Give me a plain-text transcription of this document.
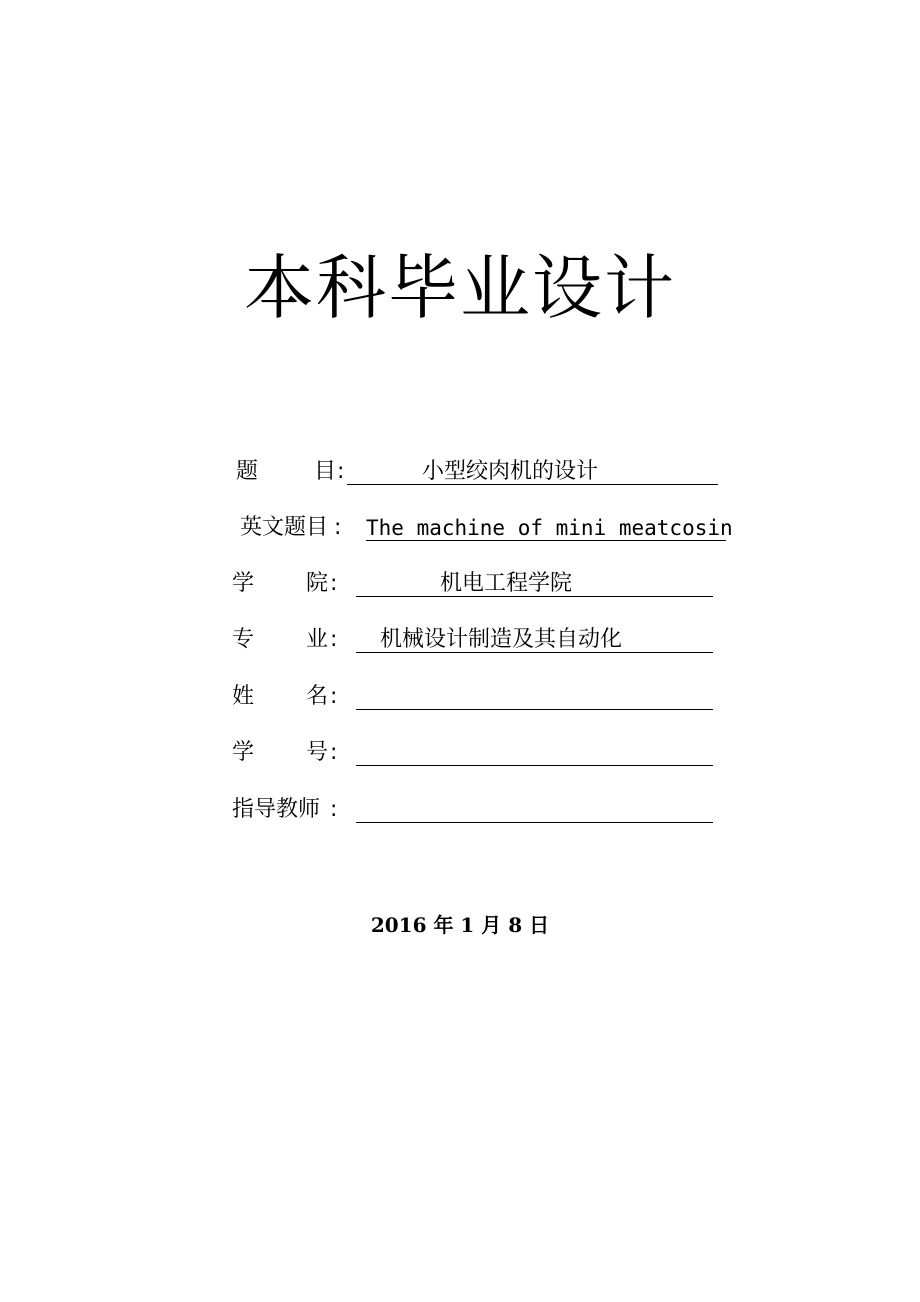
本科毕业设计
题	目 :	小型绞肉机的设计
英文题目 : The machine of mini meatcosin
学 院 :	机电工程学院
专 业 : 机械设计制造及其自动化
姓 名 :
学 号 :
指导教师 :
2016 年 1 月 8 日
